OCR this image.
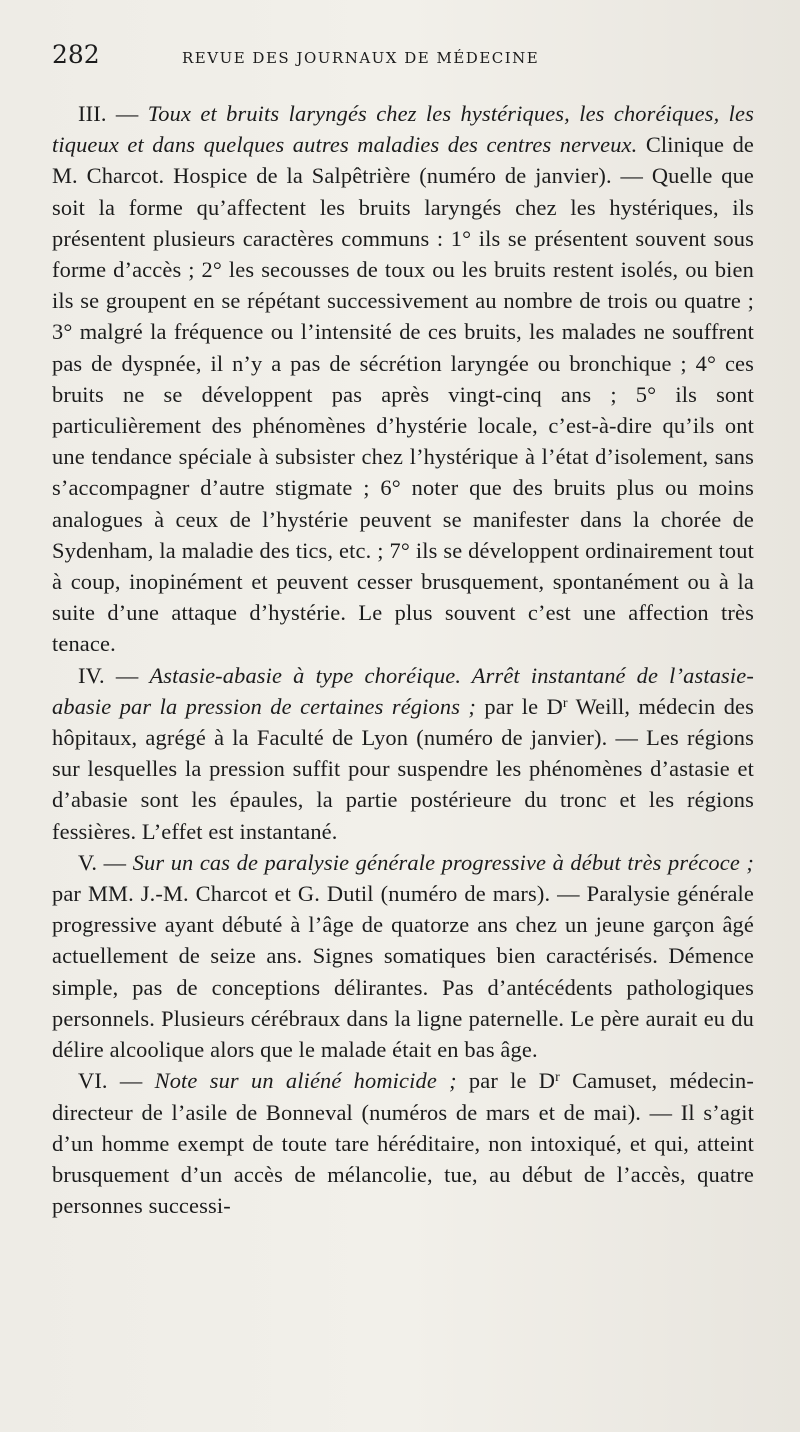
282	REVUE DES JOURNAUX DE MÉDECINE

III. — Toux et bruits laryngés chez les hystériques, les choréiques, les tiqueux et dans quelques autres maladies des centres nerveux. Clinique de M. Charcot. Hospice de la Salpêtrière (numéro de janvier). — Quelle que soit la forme qu’affectent les bruits laryngés chez les hystériques, ils présentent plusieurs caractères communs : 1° ils se présentent souvent sous forme d’accès ; 2° les secousses de toux ou les bruits restent isolés, ou bien ils se groupent en se répétant successivement au nombre de trois ou quatre ; 3° malgré la fréquence ou l’intensité de ces bruits, les malades ne souffrent pas de dyspnée, il n’y a pas de sécrétion laryngée ou bronchique ; 4° ces bruits ne se développent pas après vingt-cinq ans ; 5° ils sont particulièrement des phénomènes d’hystérie locale, c’est-à-dire qu’ils ont une tendance spéciale à subsister chez l’hystérique à l’état d’isolement, sans s’accompagner d’autre stigmate ; 6° noter que des bruits plus ou moins analogues à ceux de l’hystérie peuvent se manifester dans la chorée de Sydenham, la maladie des tics, etc. ; 7° ils se développent ordinairement tout à coup, inopinément et peuvent cesser brusquement, spontanément ou à la suite d’une attaque d’hystérie. Le plus souvent c’est une affection très tenace.

IV. — Astasie-abasie à type choréique. Arrêt instantané de l’astasie-abasie par la pression de certaines régions ; par le $D^r$ Weill, médecin des hôpitaux, agrégé à la Faculté de Lyon (numéro de janvier). — Les régions sur lesquelles la pression suffit pour suspendre les phénomènes d’astasie et d’abasie sont les épaules, la partie postérieure du tronc et les régions fessières. L’effet est instantané.

V. — Sur un cas de paralysie générale progressive à début très précoce ; par MM. J.-M. Charcot et G. Dutil (numéro de mars). — Paralysie générale progressive ayant débuté à l’âge de quatorze ans chez un jeune garçon âgé actuellement de seize ans. Signes somatiques bien caractérisés. Démence simple, pas de conceptions délirantes. Pas d’antécédents pathologiques personnels. Plusieurs cérébraux dans la ligne paternelle. Le père aurait eu du délire alcoolique alors que le malade était en bas âge.

VI. — Note sur un aliéné homicide ; par le $D^r$ Camuset, médecin-directeur de l’asile de Bonneval (numéros de mars et de mai). — Il s’agit d’un homme exempt de toute tare héréditaire, non intoxiqué, et qui, atteint brusquement d’un accès de mélancolie, tue, au début de l’accès, quatre personnes successi-
